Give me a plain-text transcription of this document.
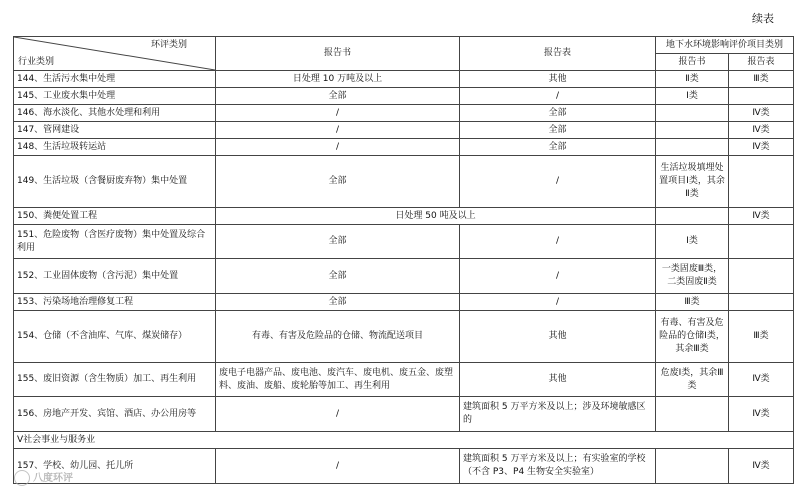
续表
环评类别
行业类别	报告书	报告表	地下水环境影响评价项目类别	
			报告书	报告表
144、生活污水集中处理	日处理 10 万吨及以上	其他	Ⅱ类	Ⅲ类
145、工业废水集中处理	全部	/	Ⅰ类	
146、海水淡化、其他水处理和利用	/	全部		Ⅳ类
147、管网建设	/	全部		Ⅳ类
148、生活垃圾转运站	/	全部		Ⅳ类
149、生活垃圾（含餐厨废弃物）集中处置	全部	/	生活垃圾填埋处置项目Ⅰ类，其余Ⅱ类	
150、粪便处置工程	日处理 50 吨及以上			Ⅳ类
151、危险废物（含医疗废物）集中处置及综合利用	全部	/	Ⅰ类	
152、工业固体废物（含污泥）集中处置	全部	/	一类固废Ⅲ类，二类固废Ⅱ类	
153、污染场地治理修复工程	全部	/	Ⅲ类	
154、仓储（不含油库、气库、煤炭储存）	有毒、有害及危险品的仓储、物流配送项目	其他	有毒、有害及危险品的仓储Ⅰ类，其余Ⅲ类	Ⅲ类
155、废旧资源（含生物质）加工、再生利用	废电子电器产品、废电池、废汽车、废电机、废五金、废塑料、废油、废船、废轮胎等加工、再生利用	其他	危废Ⅰ类，其余Ⅲ类	Ⅳ类
156、房地产开发、宾馆、酒店、办公用房等	/	建筑面积 5 万平方米及以上；涉及环境敏感区的		Ⅳ类
Ⅴ社会事业与服务业				
157、学校、幼儿园、托儿所	/	建筑面积 5 万平方米及以上；有实验室的学校（不含 P3、P4 生物安全实验室）		Ⅳ类
八度环评
